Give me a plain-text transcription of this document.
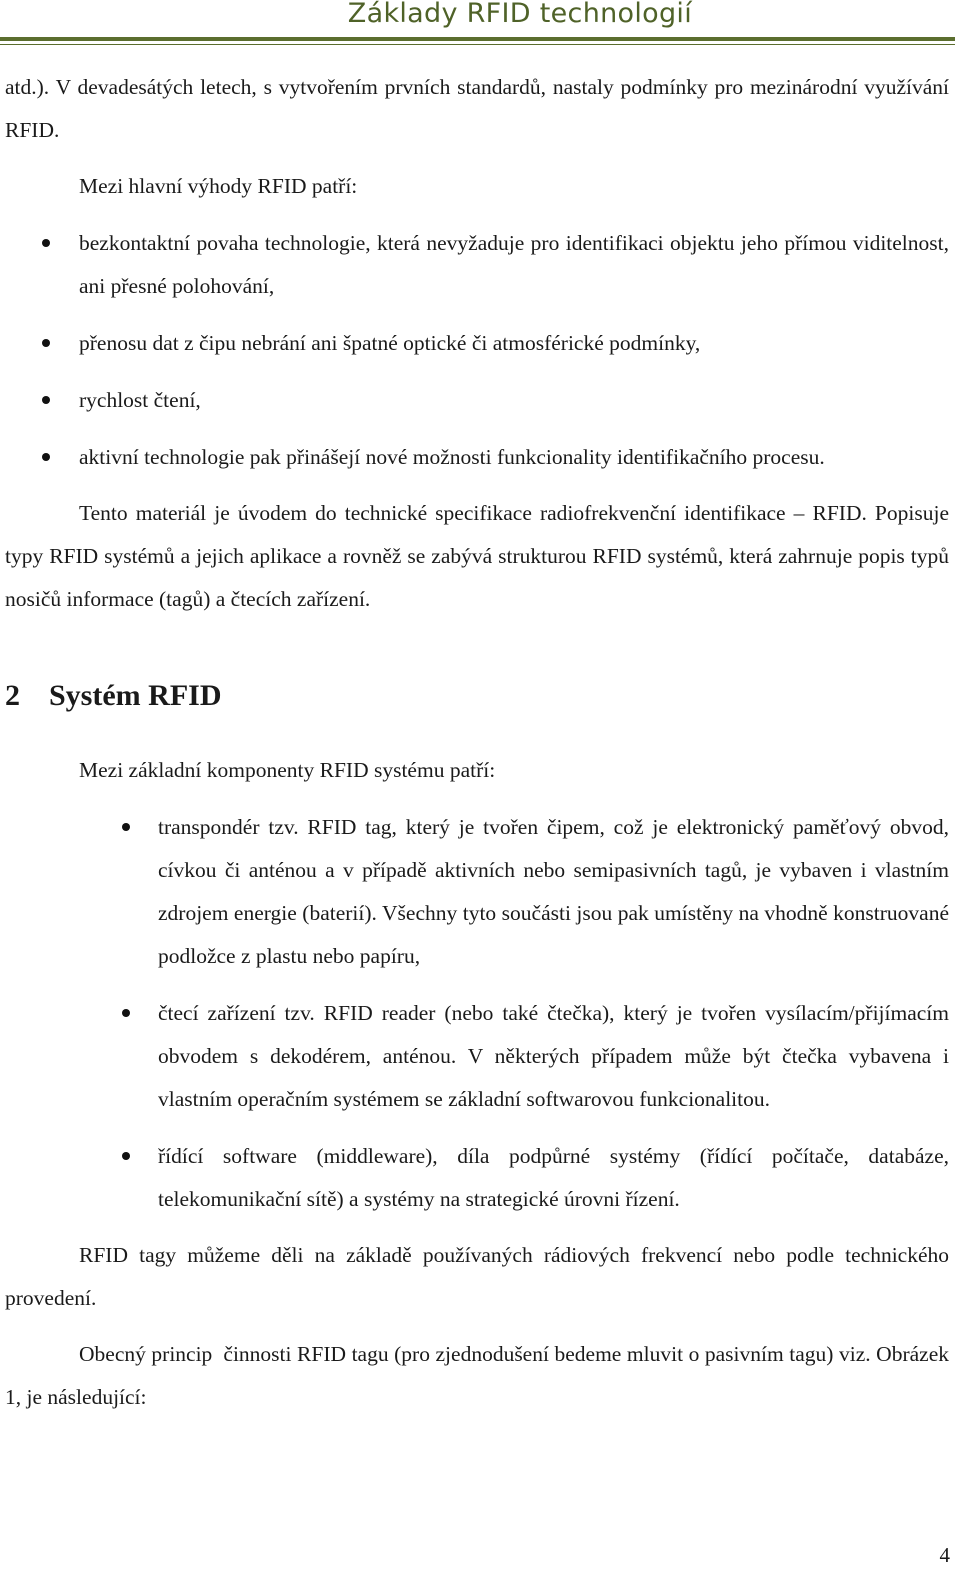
Základy RFID technologií

atd.). V devadesátých letech, s vytvořením prvních standardů, nastaly podmínky pro mezinárodní využívání RFID.

Mezi hlavní výhody RFID patří:

bezkontaktní povaha technologie, která nevyžaduje pro identifikaci objektu jeho přímou viditelnost, ani přesné polohování,
přenosu dat z čipu nebrání ani špatné optické či atmosférické podmínky,
rychlost čtení,
aktivní technologie pak přinášejí nové možnosti funkcionality identifikačního procesu.

Tento materiál je úvodem do technické specifikace radiofrekvenční identifikace – RFID. Popisuje typy RFID systémů a jejich aplikace a rovněž se zabývá strukturou RFID systémů, která zahrnuje popis typů nosičů informace (tagů) a čtecích zařízení.

2 Systém RFID

Mezi základní komponenty RFID systému patří:

transpondér tzv. RFID tag, který je tvořen čipem, což je elektronický paměťový obvod, cívkou či anténou a v případě aktivních nebo semipasivních tagů, je vybaven i vlastním zdrojem energie (baterií). Všechny tyto součásti jsou pak umístěny na vhodně konstruované podložce z plastu nebo papíru,
čtecí zařízení tzv. RFID reader (nebo také čtečka), který je tvořen vysílacím/přijímacím obvodem s dekodérem, anténou. V některých případem může být čtečka vybavena i vlastním operačním systémem se základní softwarovou funkcionalitou.
řídící software (middleware), díla podpůrné systémy (řídící počítače, databáze, telekomunikační sítě) a systémy na strategické úrovni řízení.

RFID tagy můžeme děli na základě používaných rádiových frekvencí nebo podle technického provedení.

Obecný princip  činnosti RFID tagu (pro zjednodušení bedeme mluvit o pasivním tagu) viz. Obrázek 1, je následující:

4
